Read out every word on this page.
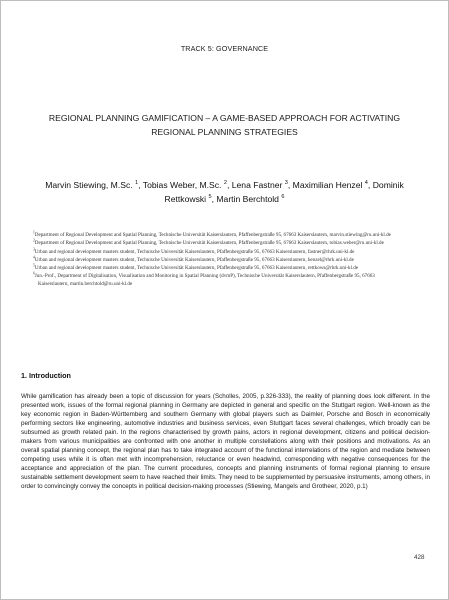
TRACK 5: GOVERNANCE
REGIONAL PLANNING GAMIFICATION – A GAME-BASED APPROACH FOR ACTIVATING REGIONAL PLANNING STRATEGIES
Marvin Stiewing, M.Sc. $^1$, Tobias Weber, M.Sc. $^2$, Lena Fastner $^3$, Maximilian Henzel $^4$, Dominik Rettkowski $^5$, Martin Berchtold $^6$
$^1$Department of Regional Development and Spatial Planning, Technische Universität Kaiserslautern, Pfaffenbergstraße 95, 67663 Kaiserslautern, marvin.stiewing@ru.uni-kl.de
$^2$Department of Regional Development and Spatial Planning, Technische Universität Kaiserslautern, Pfaffenbergstraße 95, 67663 Kaiserslautern, tobias.weber@ru.uni-kl.de
$^3$Urban and regional development masters student, Technische Universität Kaiserslautern, Pfaffenbergstraße 95, 67663 Kaiserslautern, fastner@rhrk.uni-kl.de
$^4$Urban and regional development masters student, Technische Universität Kaiserslautern, Pfaffenbergstraße 95, 67663 Kaiserslautern, henzel@rhrk.uni-kl.de
$^5$Urban and regional development masters student, Technische Universität Kaiserslautern, Pfaffenbergstraße 95, 67663 Kaiserslautern, rettkows@rhrk.uni-kl.de
$^6$Jun.-Prof., Department of Digitalisation, Visualisation and Monitoring in Spatial Planning (dvmP), Technische Universität Kaiserslautern, Pfaffenbergstraße 95, 67663 Kaiserslautern, martin.berchtold@ru.uni-kl.de
1. Introduction
While gamification has already been a topic of discussion for years (Scholles, 2005, p.326-333), the reality of planning does look different. In the presented work, issues of the formal regional planning in Germany are depicted in general and specific on the Stuttgart region. Well-known as the key economic region in Baden-Württemberg and southern Germany with global players such as Daimler, Porsche and Bosch in economically performing sectors like engineering, automotive industries and business services, even Stuttgart faces several challenges, which broadly can be subsumed as growth related pain. In the regions characterised by growth pains, actors in regional development, citizens and political decision-makers from various municipalities are confronted with one another in multiple constellations along with their positions and motivations. As an overall spatial planning concept, the regional plan has to take integrated account of the functional interrelations of the region and mediate between competing uses while it is often met with incomprehension, reluctance or even headwind, corresponding with negative consequences for the acceptance and appreciation of the plan. The current procedures, concepts and planning instruments of formal regional planning to ensure sustainable settlement development seem to have reached their limits. They need to be supplemented by persuasive instruments, among others, in order to convincingly convey the concepts in political decision-making processes (Stiewing, Mangels and Grotheer, 2020, p.1)
428
